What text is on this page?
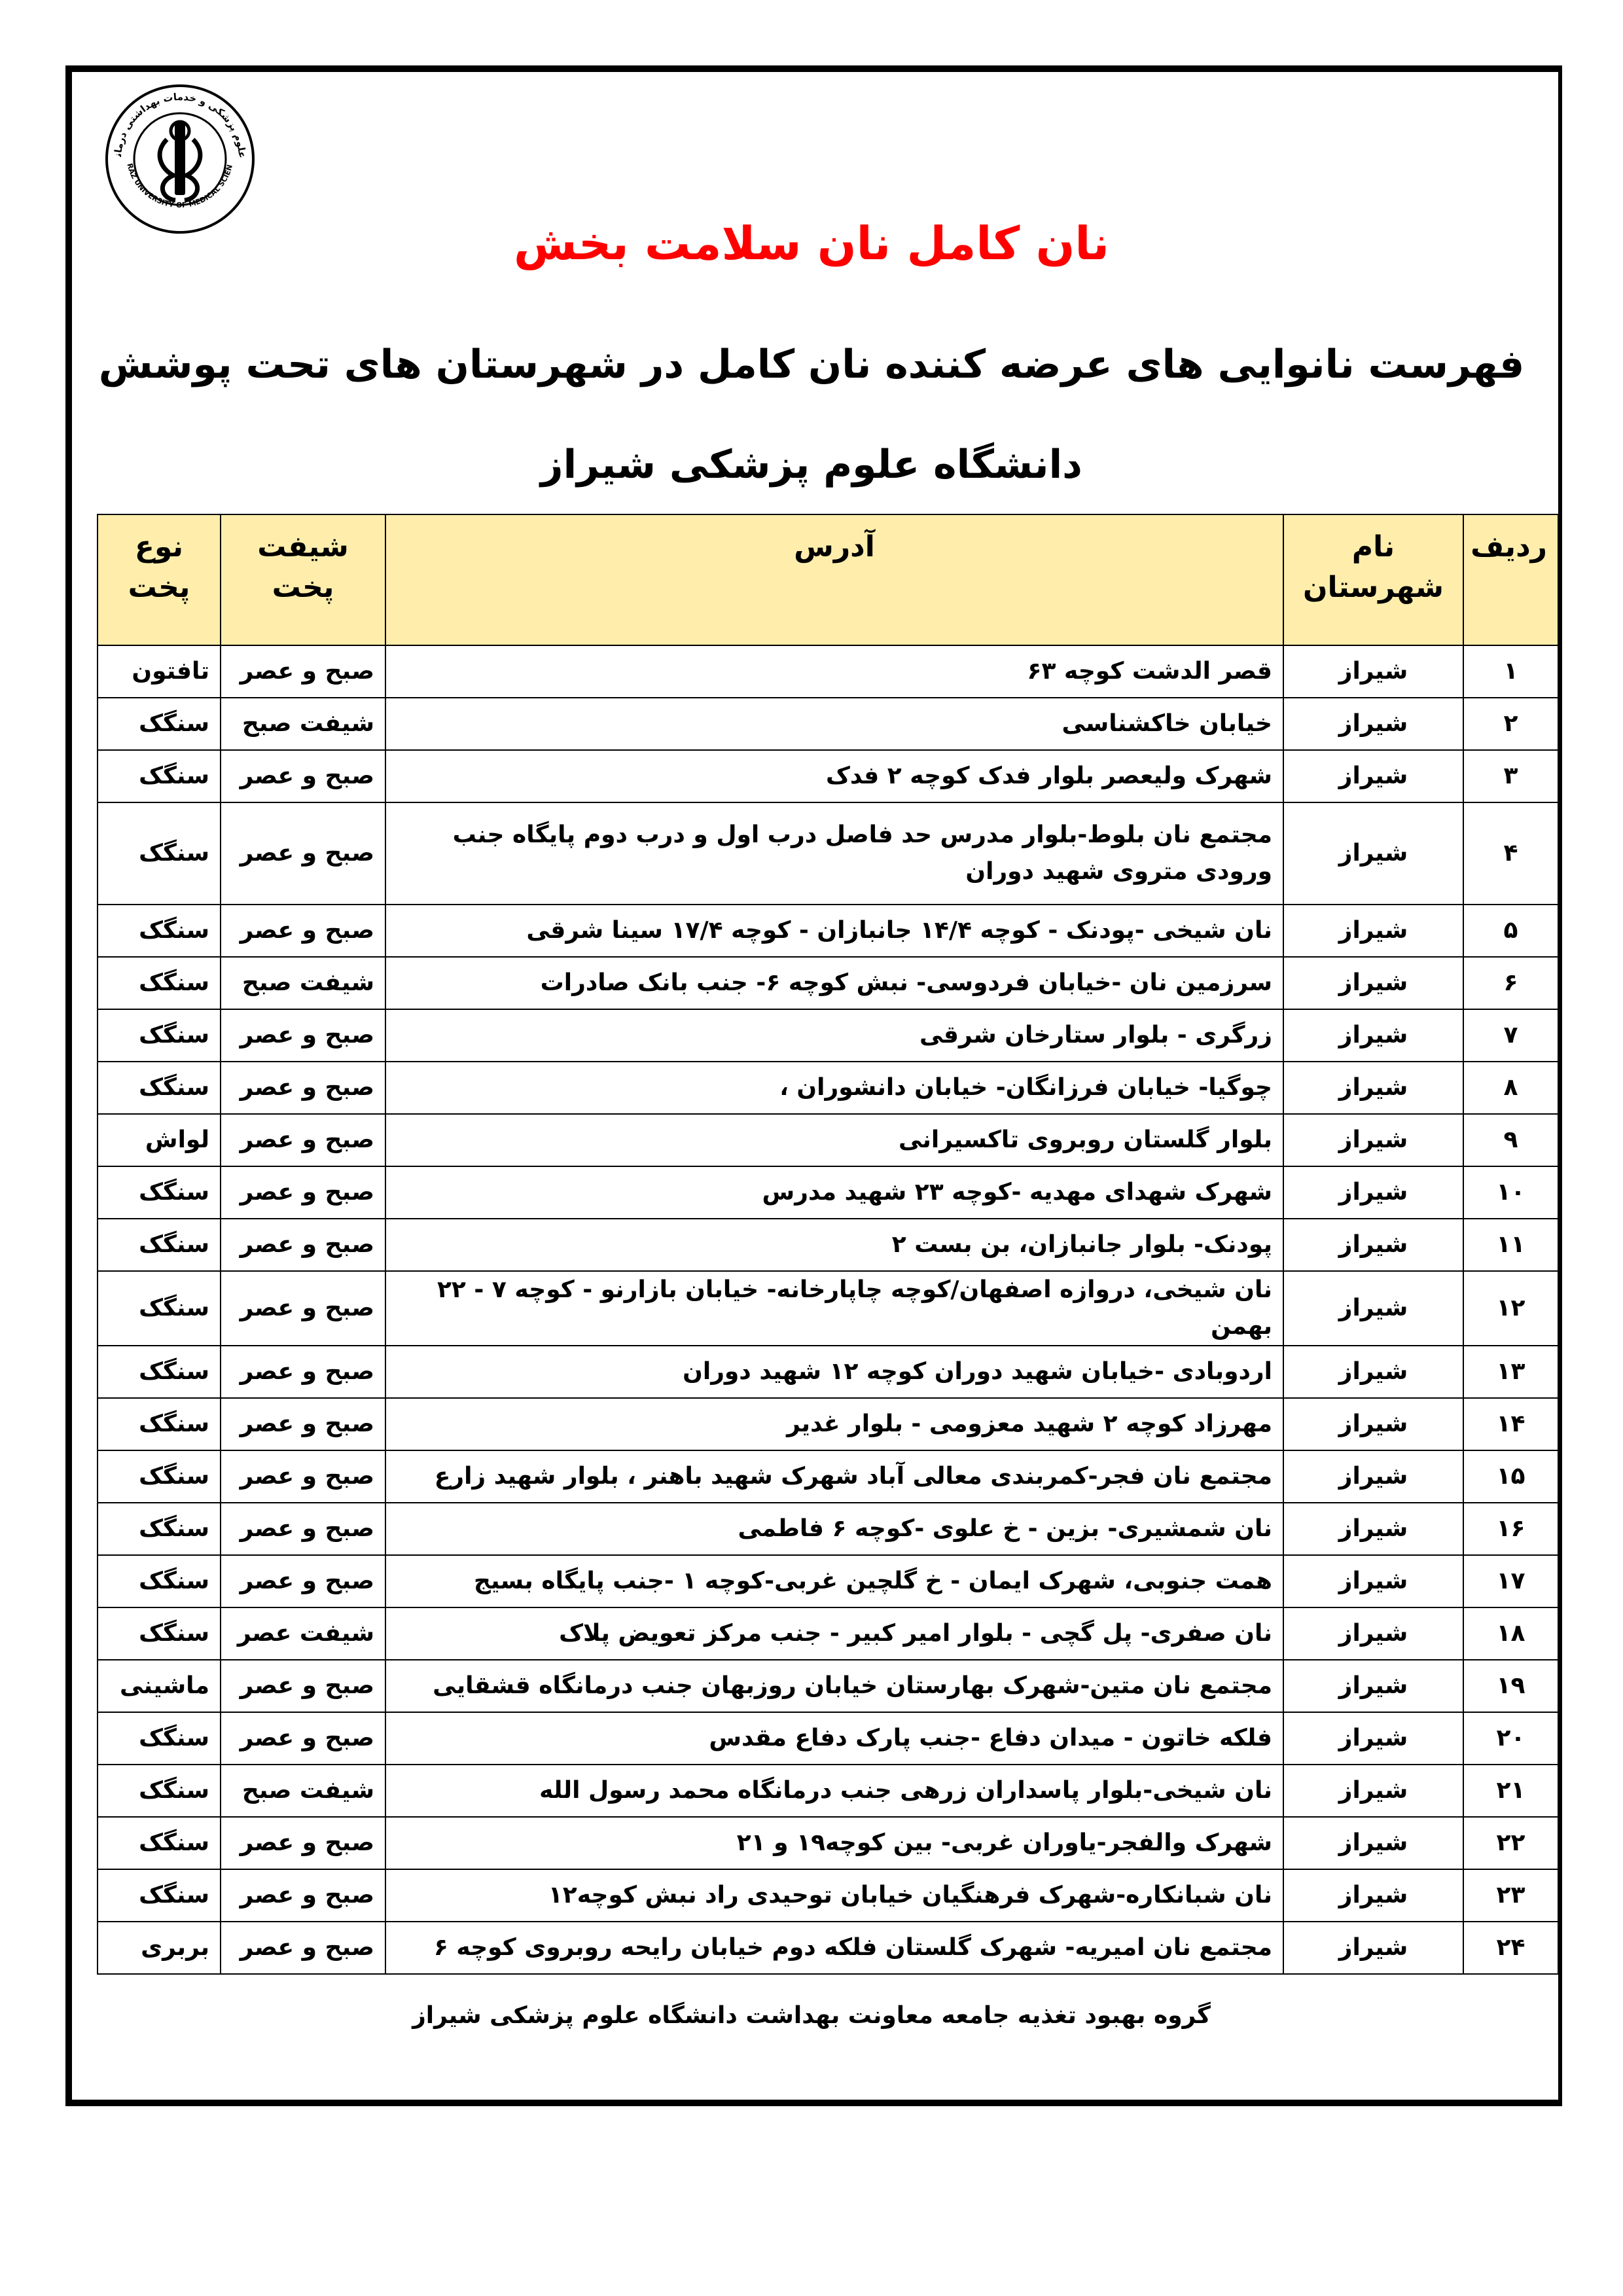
علوم پزشکی و خدمات بهداشتی درمان
RAZ UNIVERSITY OF MEDICAL SCIEN
نان کامل نان سلامت بخش
فهرست نانوایی های عرضه کننده نان کامل در شهرستان های تحت پوشش
دانشگاه علوم پزشکی شیراز
ردیف	نام شهرستان	آدرس	شیفت پخت	نوع پخت
۱	شیراز	قصر الدشت کوچه ۶۳	صبح و عصر	تافتون
۲	شیراز	خیابان خاکشناسی	شیفت صبح	سنگک
۳	شیراز	شهرک ولیعصر بلوار فدک کوچه ۲ فدک	صبح و عصر	سنگک
۴	شیراز	مجتمع نان بلوط-بلوار مدرس حد فاصل درب اول و درب دوم پایگاه جنب ورودی متروی شهید دوران	صبح و عصر	سنگک
۵	شیراز	نان شیخی -پودنک - کوچه ۱۴/۴ جانبازان - کوچه ۱۷/۴ سینا شرقی	صبح و عصر	سنگک
۶	شیراز	سرزمین نان -خیابان فردوسی- نبش کوچه ۶- جنب بانک صادرات	شیفت صبح	سنگک
۷	شیراز	زرگری - بلوار ستارخان شرقی	صبح و عصر	سنگک
۸	شیراز	چوگیا- خیابان فرزانگان- خیابان دانشوران ،	صبح و عصر	سنگک
۹	شیراز	بلوار گلستان روبروی تاکسیرانی	صبح و عصر	لواش
۱۰	شیراز	شهرک شهدای مهدیه -کوچه ۲۳ شهید مدرس	صبح و عصر	سنگک
۱۱	شیراز	پودنک- بلوار جانبازان، بن بست ۲	صبح و عصر	سنگک
۱۲	شیراز	نان شیخی، دروازه اصفهان/کوچه چاپارخانه- خیابان بازارنو - کوچه ۷ - ۲۲ بهمن	صبح و عصر	سنگک
۱۳	شیراز	اردوبادی -خیابان شهید دوران کوچه ۱۲ شهید دوران	صبح و عصر	سنگک
۱۴	شیراز	مهرزاد کوچه ۲ شهید معزومی - بلوار غدیر	صبح و عصر	سنگک
۱۵	شیراز	مجتمع نان فجر-کمربندی معالی آباد شهرک شهید باهنر ، بلوار شهید زارع	صبح و عصر	سنگک
۱۶	شیراز	نان شمشیری- بزین - خ علوی -کوچه ۶ فاطمی	صبح و عصر	سنگک
۱۷	شیراز	همت جنوبی، شهرک ایمان - خ گلچین غربی-کوچه ۱ -جنب پایگاه بسیج	صبح و عصر	سنگک
۱۸	شیراز	نان صفری- پل گچی - بلوار امیر کبیر - جنب مرکز تعویض پلاک	شیفت عصر	سنگک
۱۹	شیراز	مجتمع نان متین-شهرک بهارستان خیابان روزبهان جنب درمانگاه قشقایی	صبح و عصر	ماشینی
۲۰	شیراز	فلکه خاتون - میدان دفاع -جنب پارک دفاع مقدس	صبح و عصر	سنگک
۲۱	شیراز	نان شیخی-بلوار پاسداران زرهی جنب درمانگاه محمد رسول الله	شیفت صبح	سنگک
۲۲	شیراز	شهرک والفجر-یاوران غربی- بین کوچه۱۹ و ۲۱	صبح و عصر	سنگک
۲۳	شیراز	نان شبانکاره-شهرک فرهنگیان خیابان توحیدی راد نبش کوچه۱۲	صبح و عصر	سنگک
۲۴	شیراز	مجتمع نان امیریه- شهرک گلستان فلکه دوم خیابان رایحه روبروی کوچه ۶	صبح و عصر	بربری
گروه بهبود تغذیه جامعه معاونت بهداشت دانشگاه علوم پزشکی شیراز
